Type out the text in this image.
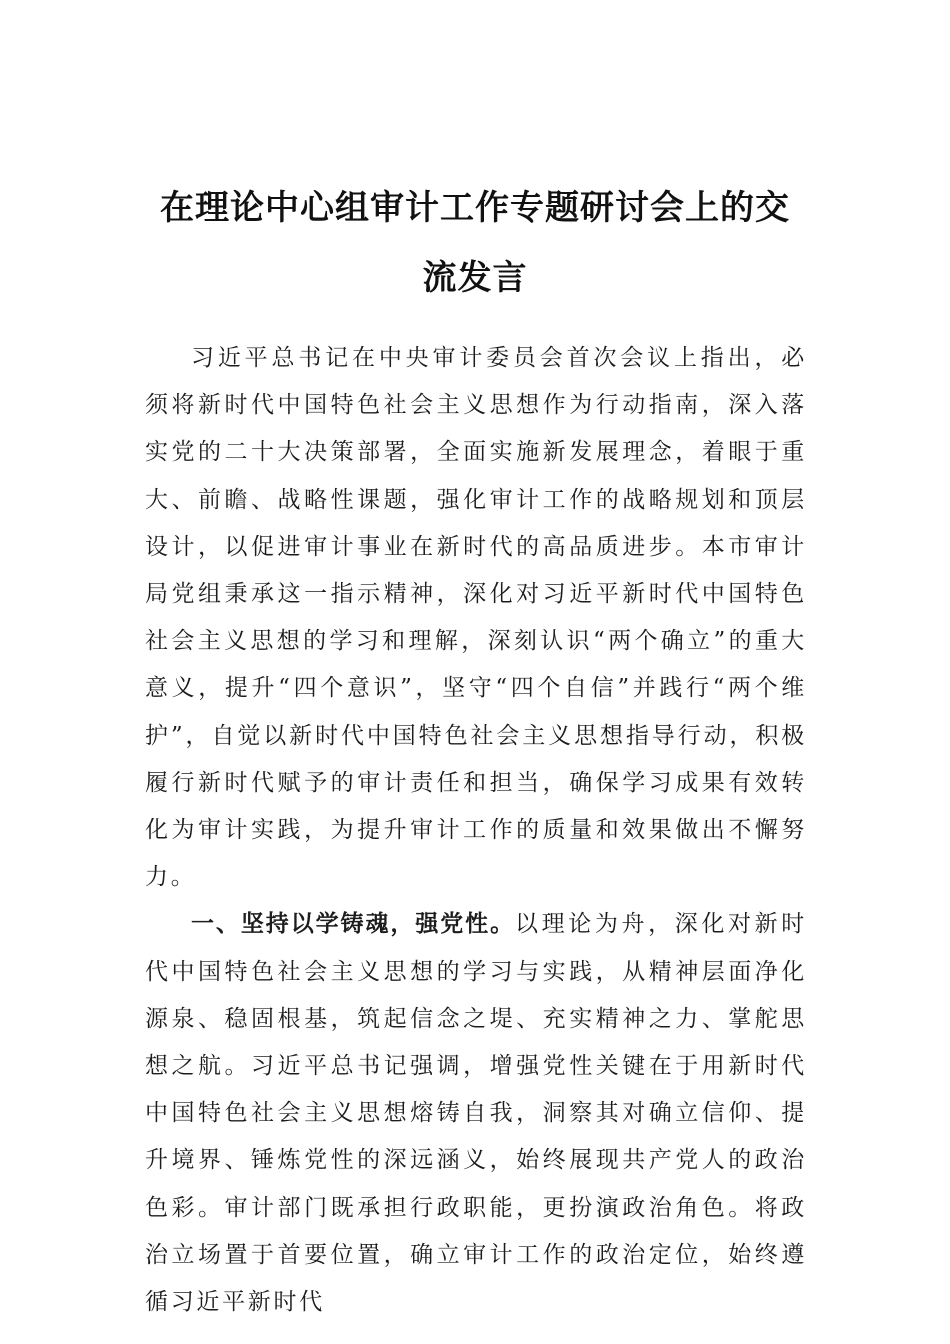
在理论中心组审计工作专题研讨会上的交流发言

习近平总书记在中央审计委员会首次会议上指出，必须将新时代中国特色社会主义思想作为行动指南，深入落实党的二十大决策部署，全面实施新发展理念，着眼于重大、前瞻、战略性课题，强化审计工作的战略规划和顶层设计，以促进审计事业在新时代的高品质进步。本市审计局党组秉承这一指示精神，深化对习近平新时代中国特色社会主义思想的学习和理解，深刻认识“两个确立”的重大意义，提升“四个意识”，坚守“四个自信”并践行“两个维护”，自觉以新时代中国特色社会主义思想指导行动，积极履行新时代赋予的审计责任和担当，确保学习成果有效转化为审计实践，为提升审计工作的质量和效果做出不懈努力。

一、坚持以学铸魂，强党性。以理论为舟，深化对新时代中国特色社会主义思想的学习与实践，从精神层面净化源泉、稳固根基，筑起信念之堤、充实精神之力、掌舵思想之航。习近平总书记强调，增强党性关键在于用新时代中国特色社会主义思想熔铸自我，洞察其对确立信仰、提升境界、锤炼党性的深远涵义，始终展现共产党人的政治色彩。审计部门既承担行政职能，更扮演政治角色。将政治立场置于首要位置，确立审计工作的政治定位，始终遵循习近平新时代
